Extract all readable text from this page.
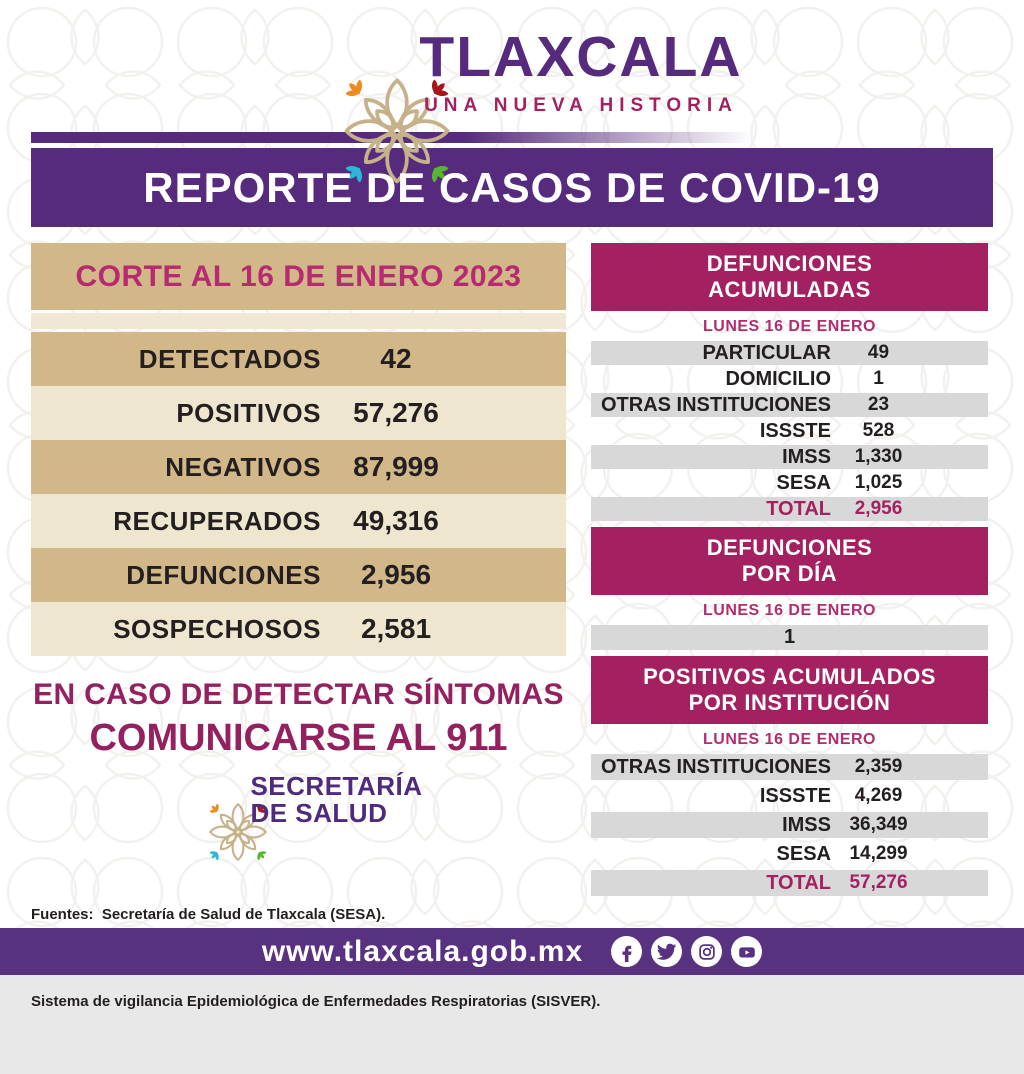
TLAXCALA
UNA NUEVA HISTORIA
REPORTE DE CASOS DE COVID-19
CORTE AL 16 DE ENERO 2023
DETECTADOS	42
POSITIVOS	57,276
NEGATIVOS	87,999
RECUPERADOS	49,316
DEFUNCIONES	2,956
SOSPECHOSOS	2,581
EN CASO DE DETECTAR SÍNTOMAS
COMUNICARSE AL 911
SECRETARÍA
DE SALUD

Fuentes:  Secretaría de Salud de Tlaxcala (SESA).

Sistema de vigilancia Epidemiológica de Enfermedades Respiratorias (SISVER).

DEFUNCIONES
ACUMULADAS
LUNES 16 DE ENERO
PARTICULAR	49
DOMICILIO	1
OTRAS INSTITUCIONES	23
ISSSTE	528
IMSS	1,330
SESA	1,025
TOTAL	2,956
DEFUNCIONES
POR DÍA
LUNES 16 DE ENERO
1
POSITIVOS ACUMULADOS
POR INSTITUCIÓN
LUNES 16 DE ENERO
OTRAS INSTITUCIONES	2,359
ISSSTE	4,269
IMSS 36,349
SESA 14,299
TOTAL 57,276
www.tlaxcala.gob.mx
